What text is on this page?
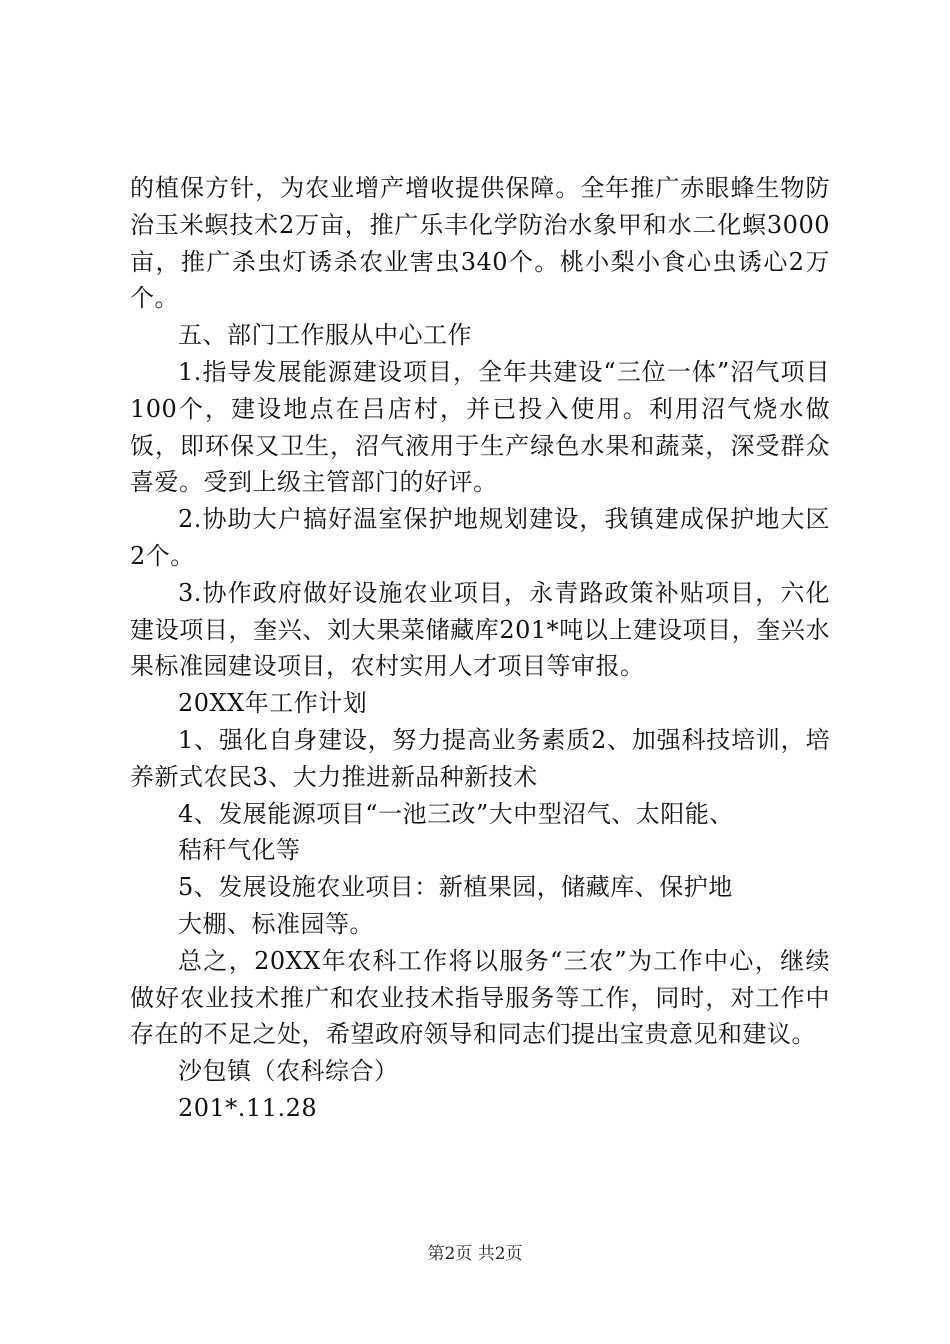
的植保方针，为农业增产增收提供保障。全年推广赤眼蜂生物防治玉米螟技术2万亩，推广乐丰化学防治水象甲和水二化螟3000亩，推广杀虫灯诱杀农业害虫340个。桃小梨小食心虫诱心2万个。

五、部门工作服从中心工作

1.指导发展能源建设项目，全年共建设“三位一体”沼气项目100个，建设地点在吕店村，并已投入使用。利用沼气烧水做饭，即环保又卫生，沼气液用于生产绿色水果和蔬菜，深受群众喜爱。受到上级主管部门的好评。

2.协助大户搞好温室保护地规划建设，我镇建成保护地大区2个。

3.协作政府做好设施农业项目，永青路政策补贴项目，六化建设项目，奎兴、刘大果菜储藏库201*吨以上建设项目，奎兴水果标准园建设项目，农村实用人才项目等审报。

20XX年工作计划

1、强化自身建设，努力提高业务素质2、加强科技培训，培养新式农民3、大力推进新品种新技术

4、发展能源项目“一池三改”大中型沼气、太阳能、

秸秆气化等

5、发展设施农业项目：新植果园，储藏库、保护地

大棚、标准园等。

总之，20XX年农科工作将以服务“三农”为工作中心，继续做好农业技术推广和农业技术指导服务等工作，同时，对工作中存在的不足之处，希望政府领导和同志们提出宝贵意见和建议。

沙包镇（农科综合）

201*.11.28

第2页 共2页
